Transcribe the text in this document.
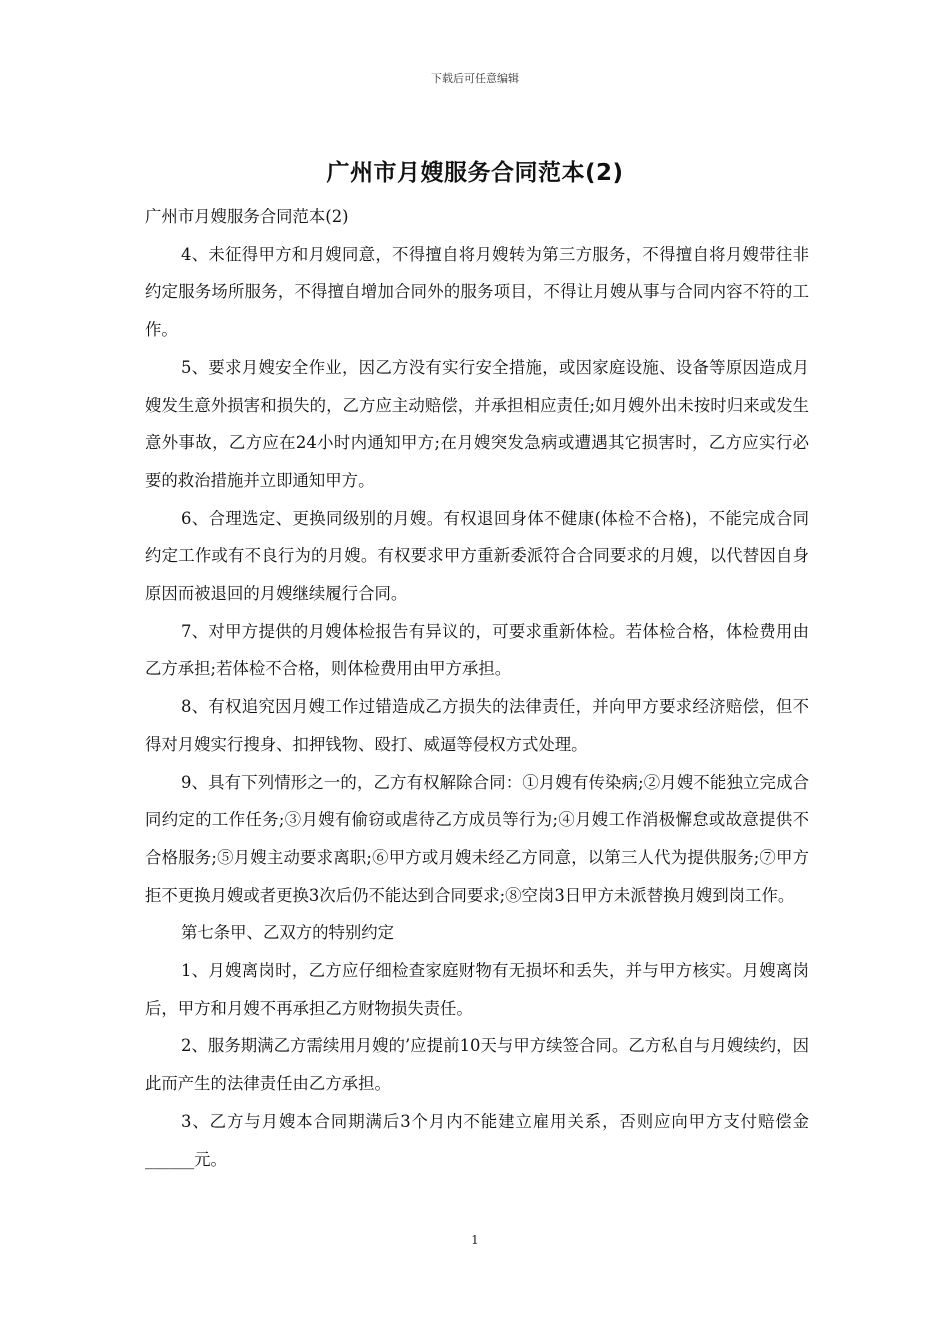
下载后可任意编辑
广州市月嫂服务合同范本(2)

广州市月嫂服务合同范本(2)

4、未征得甲方和月嫂同意，不得擅自将月嫂转为第三方服务，不得擅自将月嫂带往非约定服务场所服务，不得擅自增加合同外的服务项目，不得让月嫂从事与合同内容不符的工作。

5、要求月嫂安全作业，因乙方没有实行安全措施，或因家庭设施、设备等原因造成月嫂发生意外损害和损失的，乙方应主动赔偿，并承担相应责任;如月嫂外出未按时归来或发生意外事故，乙方应在24小时内通知甲方;在月嫂突发急病或遭遇其它损害时，乙方应实行必要的救治措施并立即通知甲方。

6、合理选定、更换同级别的月嫂。有权退回身体不健康(体检不合格)，不能完成合同约定工作或有不良行为的月嫂。有权要求甲方重新委派符合合同要求的月嫂，以代替因自身原因而被退回的月嫂继续履行合同。

7、对甲方提供的月嫂体检报告有异议的，可要求重新体检。若体检合格，体检费用由乙方承担;若体检不合格，则体检费用由甲方承担。

8、有权追究因月嫂工作过错造成乙方损失的法律责任，并向甲方要求经济赔偿，但不得对月嫂实行搜身、扣押钱物、殴打、威逼等侵权方式处理。

9、具有下列情形之一的，乙方有权解除合同：①月嫂有传染病;②月嫂不能独立完成合同约定的工作任务;③月嫂有偷窃或虐待乙方成员等行为;④月嫂工作消极懈怠或故意提供不合格服务;⑤月嫂主动要求离职;⑥甲方或月嫂未经乙方同意，以第三人代为提供服务;⑦甲方拒不更换月嫂或者更换3次后仍不能达到合同要求;⑧空岗3日甲方未派替换月嫂到岗工作。

第七条甲、乙双方的特别约定

1、月嫂离岗时，乙方应仔细检查家庭财物有无损坏和丢失，并与甲方核实。月嫂离岗后，甲方和月嫂不再承担乙方财物损失责任。

2、服务期满乙方需续用月嫂的’应提前10天与甲方续签合同。乙方私自与月嫂续约，因此而产生的法律责任由乙方承担。

3、乙方与月嫂本合同期满后3个月内不能建立雇用关系，否则应向甲方支付赔偿金______元。

1
